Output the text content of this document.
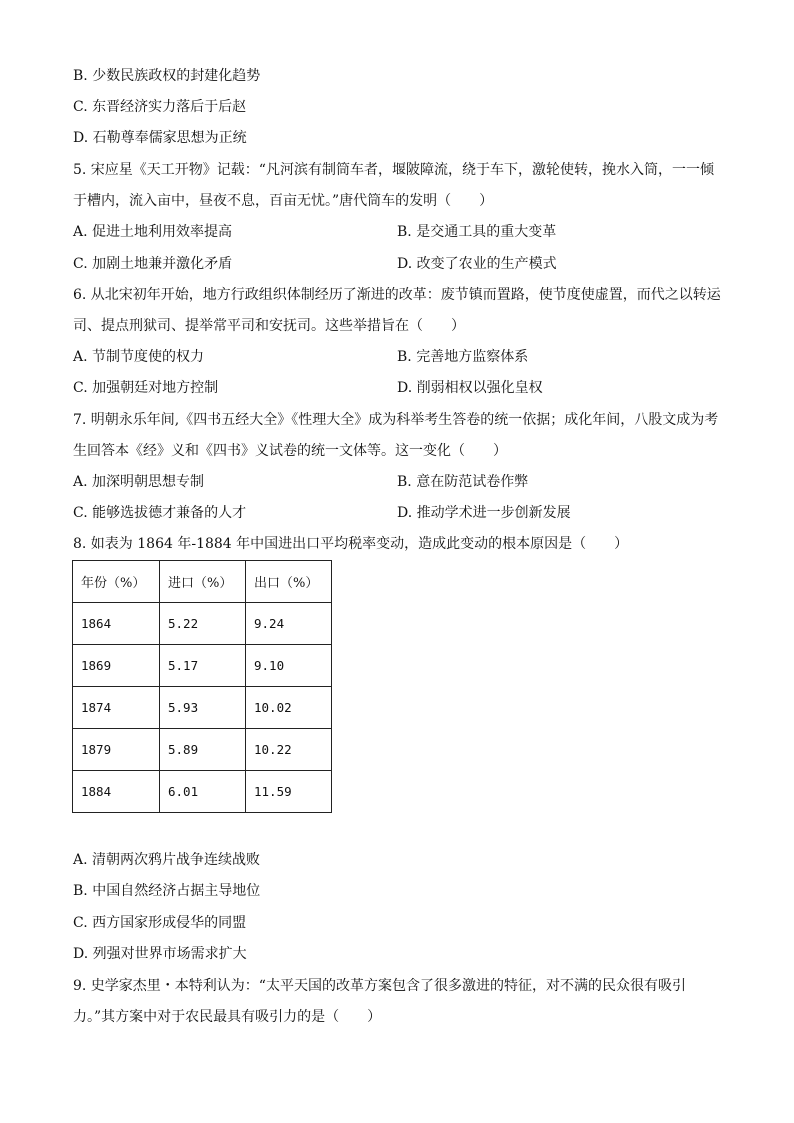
B. 少数民族政权的封建化趋势
C. 东晋经济实力落后于后赵
D. 石勒尊奉儒家思想为正统
5. 宋应星《天工开物》记载：“凡河滨有制筒车者，堰陂障流，绕于车下，激轮使转，挽水入筒，一一倾
于槽内，流入亩中，昼夜不息，百亩无忧。”唐代筒车的发明（　　）
A. 促进土地利用效率提高	B. 是交通工具的重大变革
C. 加剧土地兼并激化矛盾	D. 改变了农业的生产模式
6. 从北宋初年开始，地方行政组织体制经历了渐进的改革：废节镇而置路，使节度使虚置，而代之以转运
司、提点刑狱司、提举常平司和安抚司。这些举措旨在（　　）
A. 节制节度使的权力	B. 完善地方监察体系
C. 加强朝廷对地方控制	D. 削弱相权以强化皇权
7. 明朝永乐年间,《四书五经大全》《性理大全》成为科举考生答卷的统一依据；成化年间，八股文成为考
生回答本《经》义和《四书》义试卷的统一文体等。这一变化（　　）
A. 加深明朝思想专制	B. 意在防范试卷作弊
C. 能够选拔德才兼备的人才	D. 推动学术进一步创新发展
8. 如表为 1864 年-1884 年中国进出口平均税率变动，造成此变动的根本原因是（　　）
年份（%）	进口（%）	出口（%）
1864	5.22	9.24
1869	5.17	9.10
1874	5.93	10.02
1879	5.89	10.22
1884	6.01	11.59
A. 清朝两次鸦片战争连续战败
B. 中国自然经济占据主导地位
C. 西方国家形成侵华的同盟
D. 列强对世界市场需求扩大
9. 史学家杰里・本特利认为：“太平天国的改革方案包含了很多激进的特征，对不满的民众很有吸引
力。”其方案中对于农民最具有吸引力的是（　　）
